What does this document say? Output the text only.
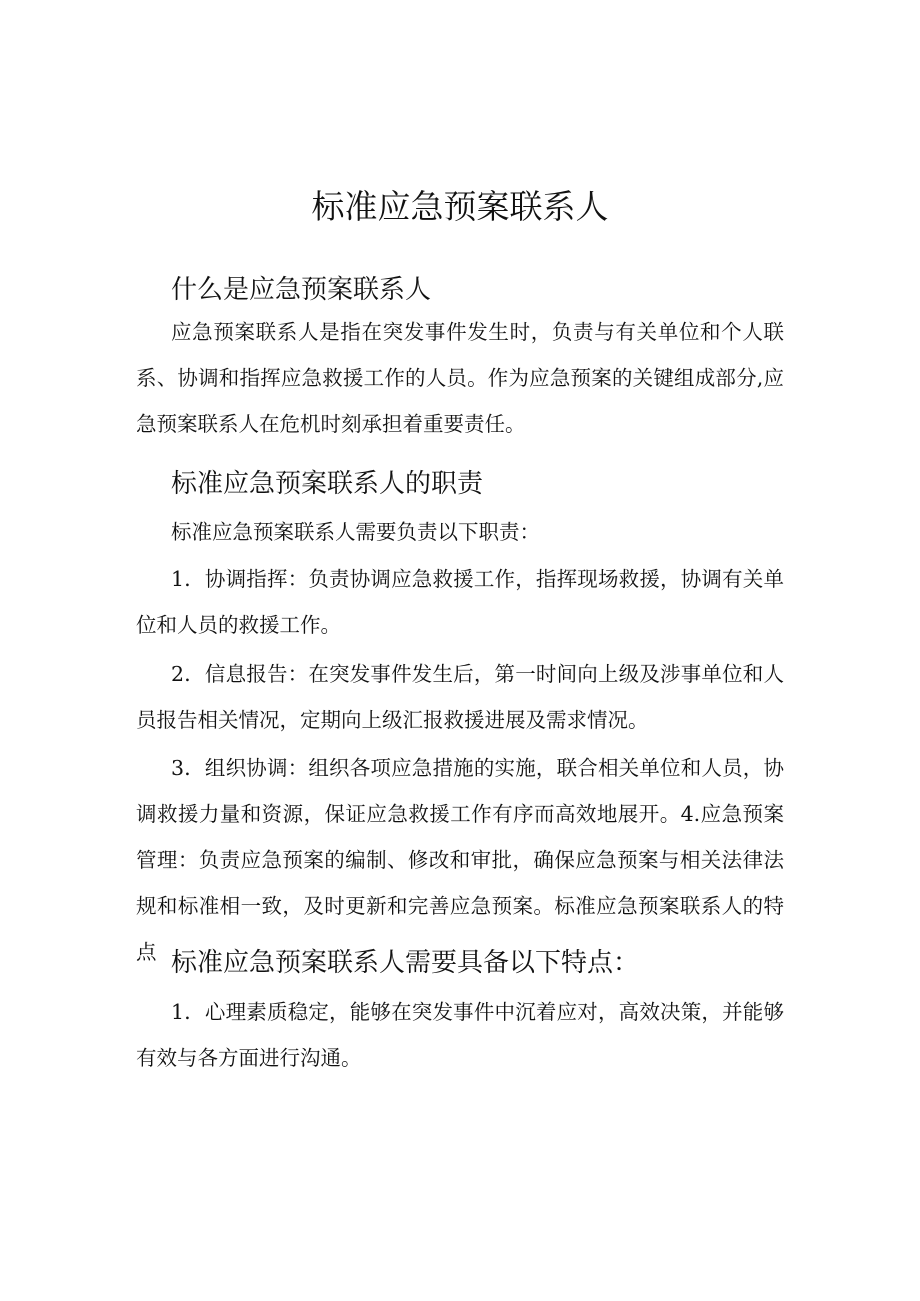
标准应急预案联系人
什么是应急预案联系人

应急预案联系人是指在突发事件发生时，负责与有关单位和个人联系、协调和指挥应急救援工作的人员。作为应急预案的关键组成部分,应急预案联系人在危机时刻承担着重要责任。

标准应急预案联系人的职责

标准应急预案联系人需要负责以下职责：

1．协调指挥：负责协调应急救援工作，指挥现场救援，协调有关单位和人员的救援工作。

2．信息报告：在突发事件发生后，第一时间向上级及涉事单位和人员报告相关情况，定期向上级汇报救援进展及需求情况。

3．组织协调：组织各项应急措施的实施，联合相关单位和人员，协调救援力量和资源，保证应急救援工作有序而高效地展开。4.应急预案管理：负责应急预案的编制、修改和审批，确保应急预案与相关法律法规和标准相一致，及时更新和完善应急预案。标准应急预案联系人的特点 标准应急预案联系人需要具备以下特点：

1．心理素质稳定，能够在突发事件中沉着应对，高效决策，并能够有效与各方面进行沟通。
